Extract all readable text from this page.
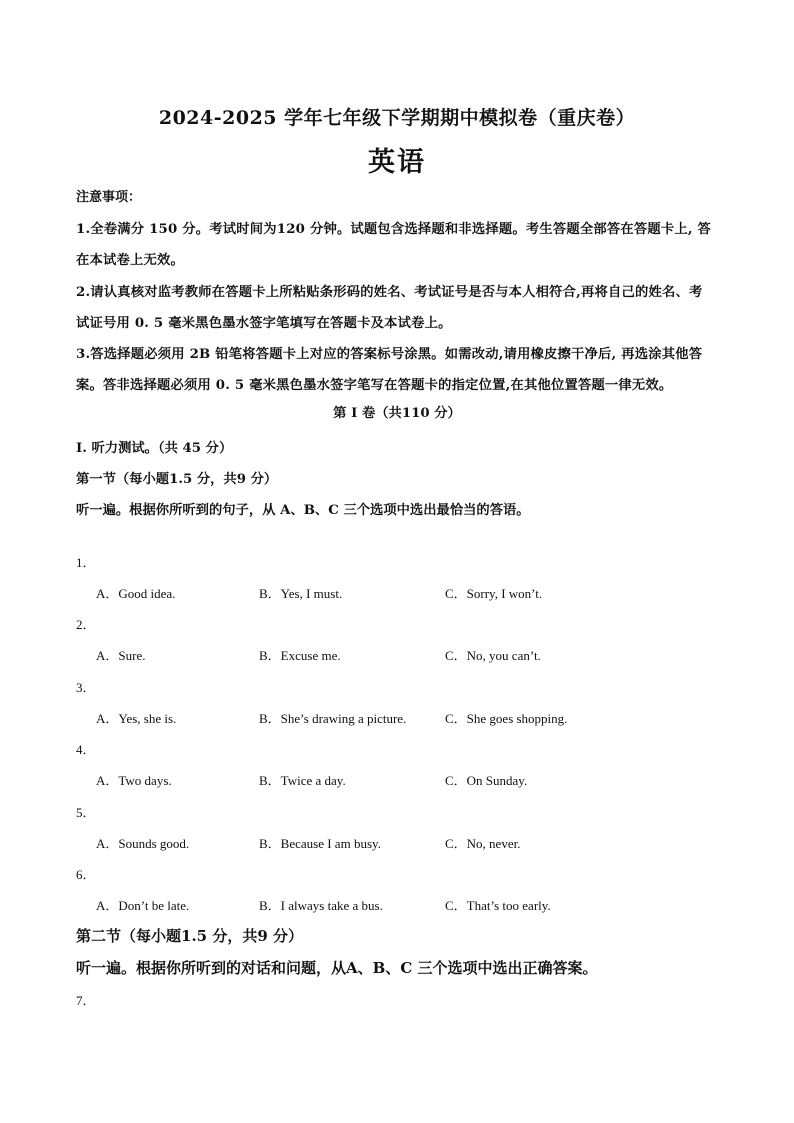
2024-2025 学年七年级下学期期中模拟卷（重庆卷）
英语
注意事项：
1.全卷满分 150 分。考试时间为120 分钟。试题包含选择题和非选择题。考生答题全部答在答题卡上, 答
在本试卷上无效。
2.请认真核对监考教师在答题卡上所粘贴条形码的姓名、考试证号是否与本人相符合,再将自己的姓名、考
试证号用 0. 5 毫米黑色墨水签字笔填写在答题卡及本试卷上。
3.答选择题必须用 2B 铅笔将答题卡上对应的答案标号涂黑。如需改动,请用橡皮擦干净后, 再选涂其他答
案。答非选择题必须用 0. 5 毫米黑色墨水签字笔写在答题卡的指定位置,在其他位置答题一律无效。
第 I 卷（共110 分）
Ⅰ. 听力测试。（共 45 分）
第一节（每小题1.5 分，共9 分）
听一遍。根据你所听到的句子，从 A、B、C 三个选项中选出最恰当的答语。
1．
A．Good idea.	B．Yes, I must.	C．Sorry, I won’t.
2．
A．Sure.	B．Excuse me.	C．No, you can’t.
3．
A．Yes, she is.	B．She’s drawing a picture.	C．She goes shopping.
4．
A．Two days.	B．Twice a day.	C．On Sunday.
5．
A．Sounds good.	B．Because I am busy.	C．No, never.
6．
A．Don’t be late.	B．I always take a bus.	C．That’s too early.
第二节（每小题1.5 分，共9 分）
听一遍。根据你所听到的对话和问题，从A、B、C 三个选项中选出正确答案。
7．
